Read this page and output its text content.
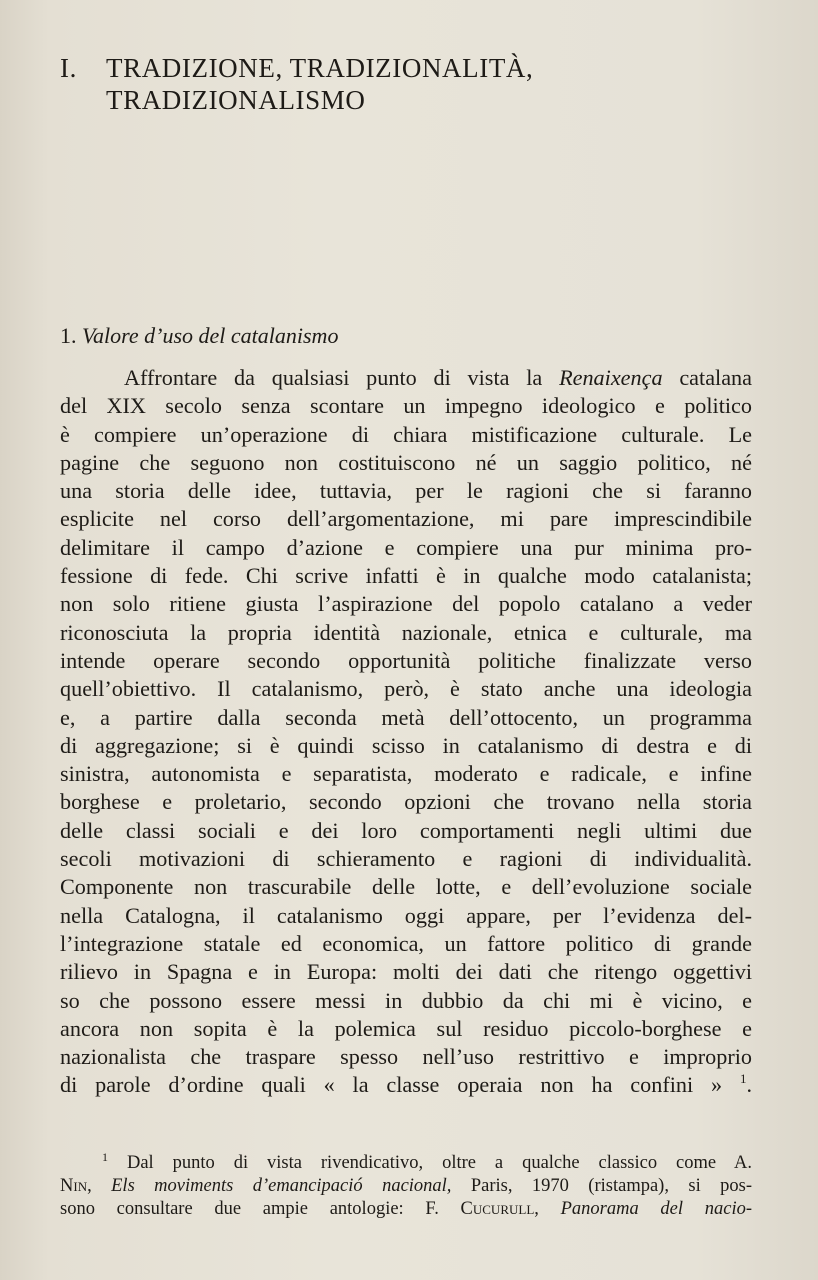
I. TRADIZIONE, TRADIZIONALITÀ,
TRADIZIONALISMO
1. Valore d’uso del catalanismo
Affrontare da qualsiasi punto di vista la Renaixença catalana
del XIX secolo senza scontare un impegno ideologico e politico
è compiere un’operazione di chiara mistificazione culturale. Le
pagine che seguono non costituiscono né un saggio politico, né
una storia delle idee, tuttavia, per le ragioni che si faranno
esplicite nel corso dell’argomentazione, mi pare imprescindibile
delimitare il campo d’azione e compiere una pur minima pro-
fessione di fede. Chi scrive infatti è in qualche modo catalanista;
non solo ritiene giusta l’aspirazione del popolo catalano a veder
riconosciuta la propria identità nazionale, etnica e culturale, ma
intende operare secondo opportunità politiche finalizzate verso
quell’obiettivo. Il catalanismo, però, è stato anche una ideologia
e, a partire dalla seconda metà dell’ottocento, un programma
di aggregazione; si è quindi scisso in catalanismo di destra e di
sinistra, autonomista e separatista, moderato e radicale, e infine
borghese e proletario, secondo opzioni che trovano nella storia
delle classi sociali e dei loro comportamenti negli ultimi due
secoli motivazioni di schieramento e ragioni di individualità.
Componente non trascurabile delle lotte, e dell’evoluzione sociale
nella Catalogna, il catalanismo oggi appare, per l’evidenza del-
l’integrazione statale ed economica, un fattore politico di grande
rilievo in Spagna e in Europa: molti dei dati che ritengo oggettivi
so che possono essere messi in dubbio da chi mi è vicino, e
ancora non sopita è la polemica sul residuo piccolo-borghese e
nazionalista che traspare spesso nell’uso restrittivo e improprio
di parole d’ordine quali « la classe operaia non ha confini » $^1$.
$^1$ Dal punto di vista rivendicativo, oltre a qualche classico come A.
Nin, Els moviments d’emancipació nacional, Paris, 1970 (ristampa), si pos-
sono consultare due ampie antologie: F. Cucurull, Panorama del nacio-
